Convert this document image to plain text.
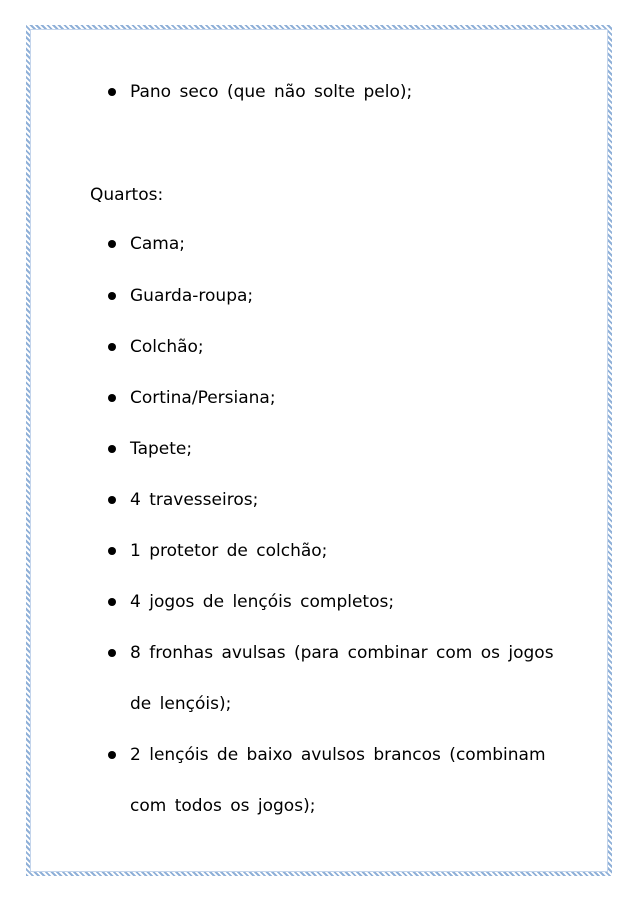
Pano seco (que não solte pelo);
Quartos:
Cama;
Guarda-roupa;
Colchão;
Cortina/Persiana;
Tapete;
4 travesseiros;
1 protetor de colchão;
4 jogos de lençóis completos;
8 fronhas avulsas (para combinar com os jogos
de lençóis);
2 lençóis de baixo avulsos brancos (combinam
com todos os jogos);
